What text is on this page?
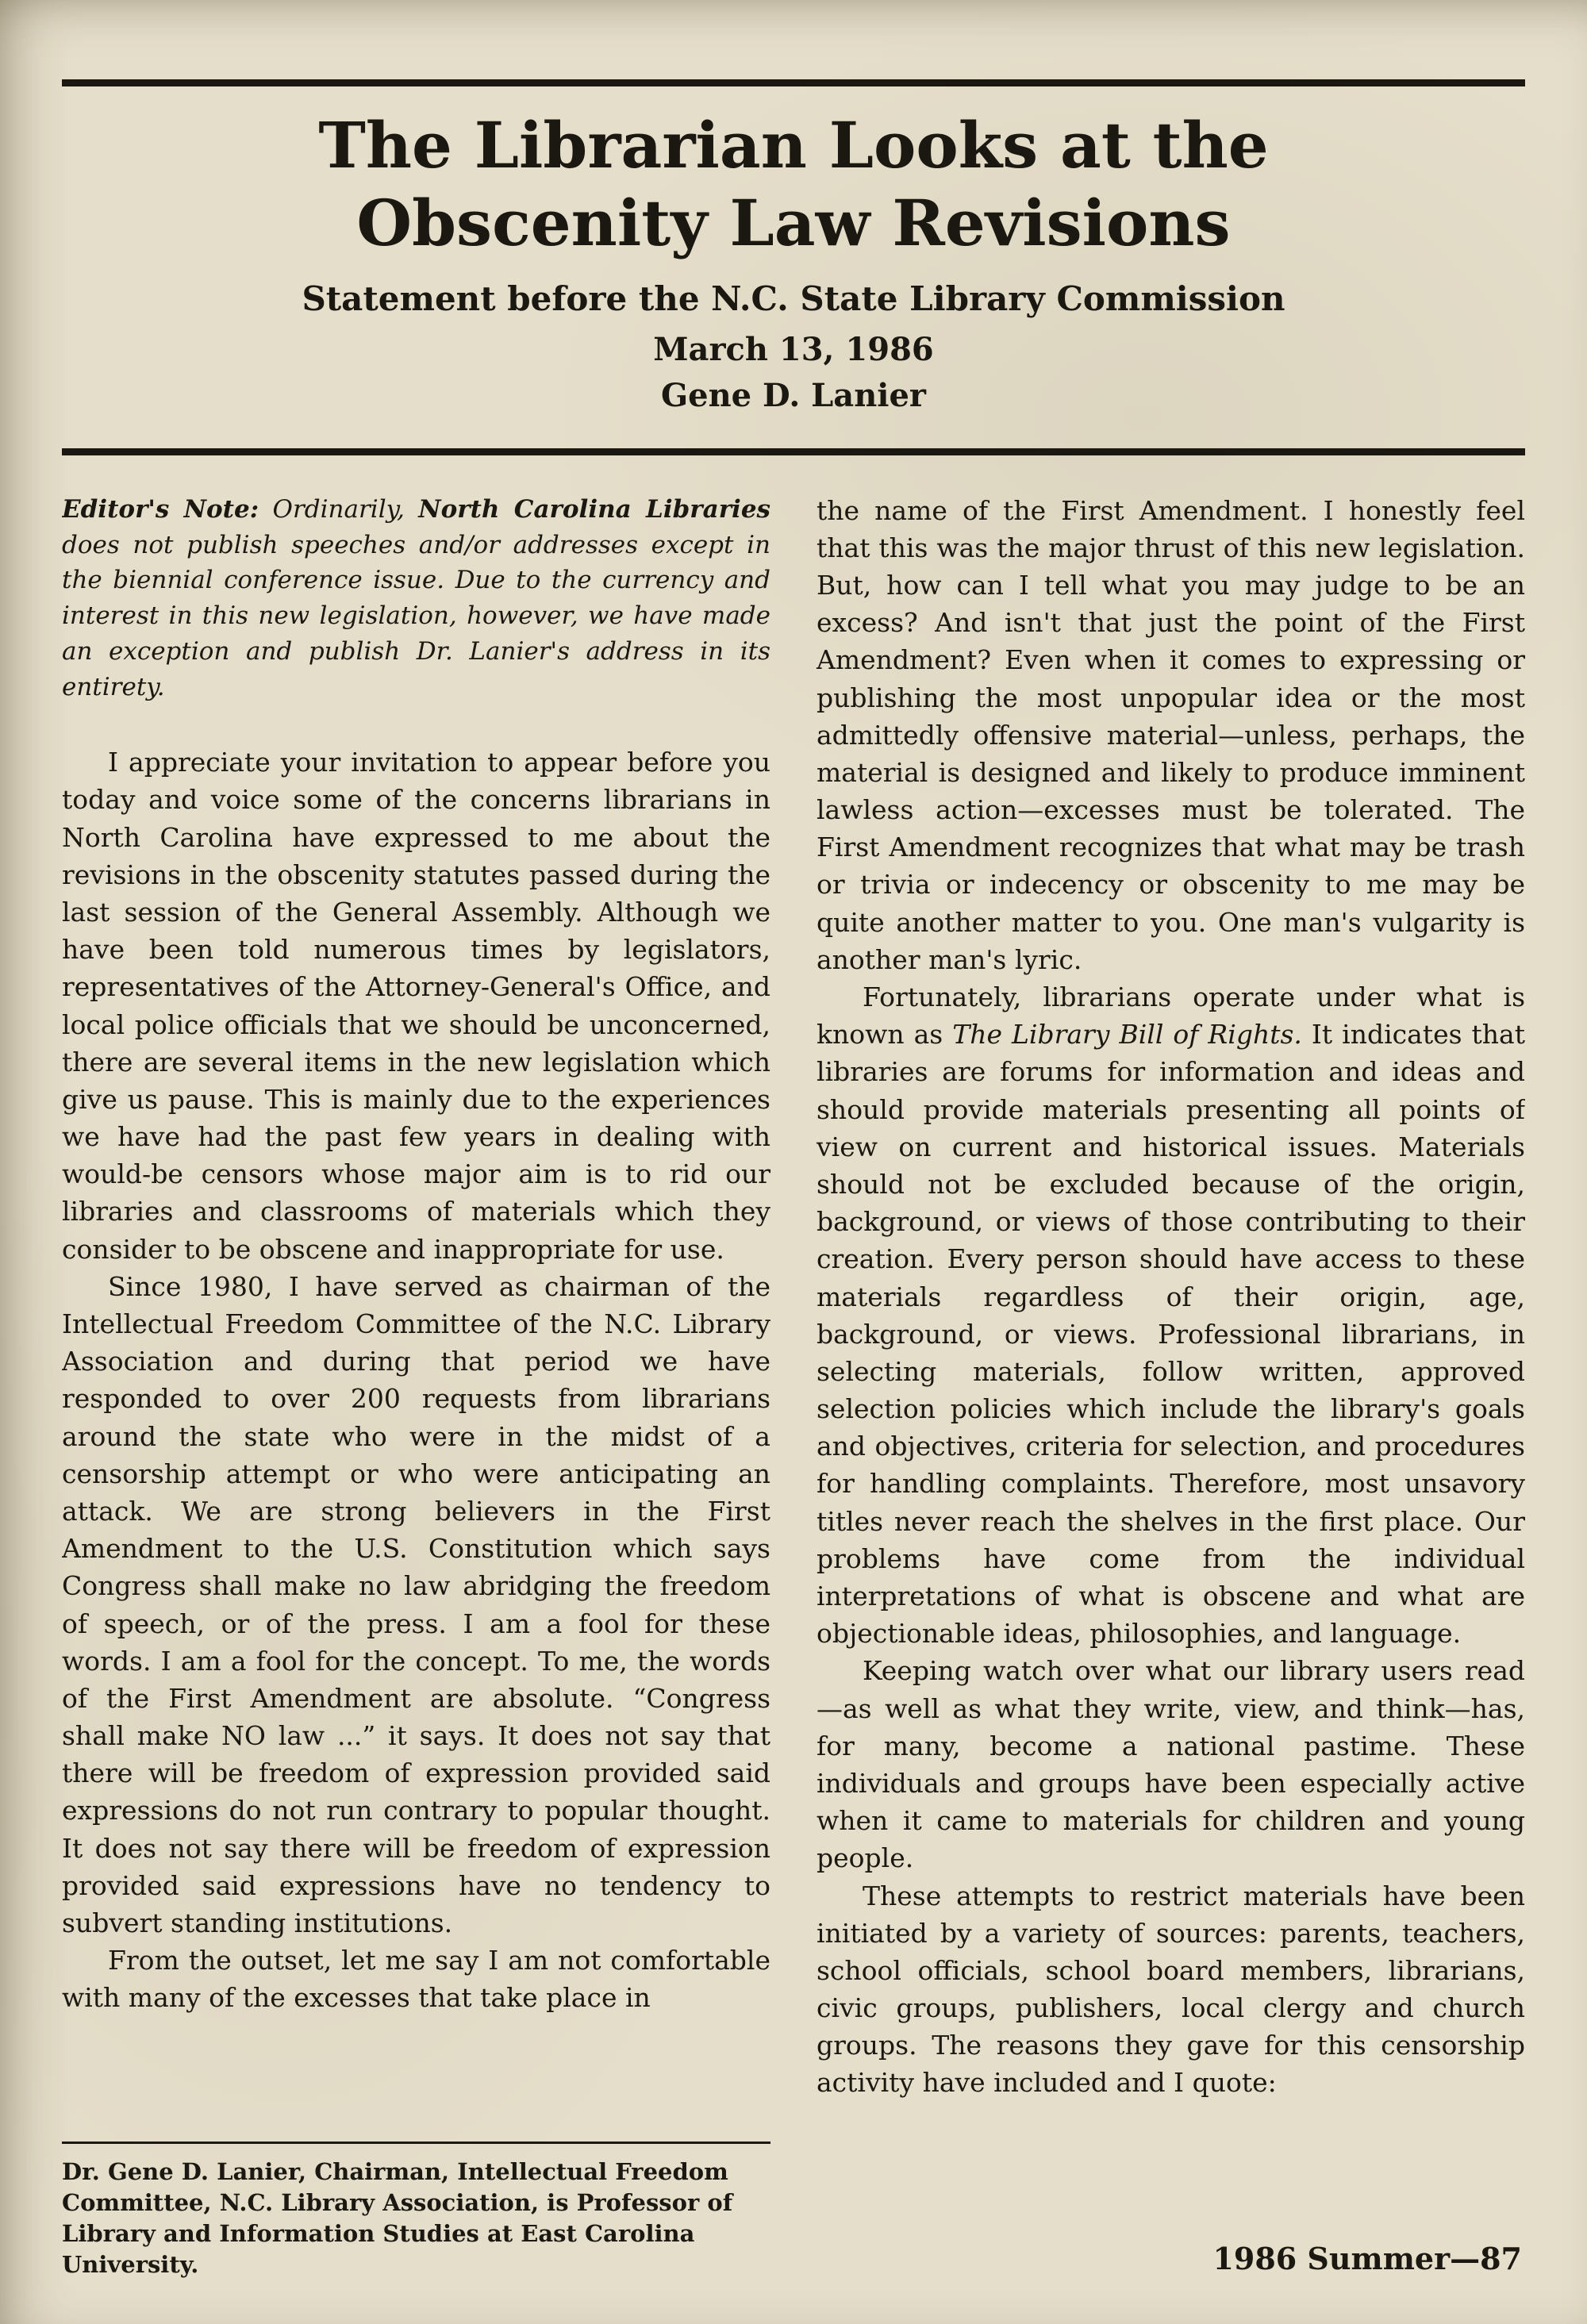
The Librarian Looks at the
Obscenity Law Revisions
Statement before the N.C. State Library Commission
March 13, 1986
Gene D. Lanier

Editor's Note: Ordinarily, North Carolina Libraries does not publish speeches and/or addresses except in the biennial conference issue. Due to the currency and interest in this new legislation, however, we have made an exception and publish Dr. Lanier's address in its entirety.

I appreciate your invitation to appear before you today and voice some of the concerns librarians in North Carolina have expressed to me about the revisions in the obscenity statutes passed during the last session of the General Assembly. Although we have been told numerous times by legislators, representatives of the Attorney-General's Office, and local police officials that we should be unconcerned, there are several items in the new legislation which give us pause. This is mainly due to the experiences we have had the past few years in dealing with would-be censors whose major aim is to rid our libraries and classrooms of materials which they consider to be obscene and inappropriate for use.

Since 1980, I have served as chairman of the Intellectual Freedom Committee of the N.C. Library Association and during that period we have responded to over 200 requests from librarians around the state who were in the midst of a censorship attempt or who were anticipating an attack. We are strong believers in the First Amendment to the U.S. Constitution which says Congress shall make no law abridging the freedom of speech, or of the press. I am a fool for these words. I am a fool for the concept. To me, the words of the First Amendment are absolute. “Congress shall make NO law ...” it says. It does not say that there will be freedom of expression provided said expressions do not run contrary to popular thought. It does not say there will be freedom of expression provided said expressions have no tendency to subvert standing institutions.

From the outset, let me say I am not comfortable with many of the excesses that take place in

Dr. Gene D. Lanier, Chairman, Intellectual Freedom Committee, N.C. Library Association, is Professor of Library and Information Studies at East Carolina University.

the name of the First Amendment. I honestly feel that this was the major thrust of this new legislation. But, how can I tell what you may judge to be an excess? And isn't that just the point of the First Amendment? Even when it comes to expressing or publishing the most unpopular idea or the most admittedly offensive material—unless, perhaps, the material is designed and likely to produce imminent lawless action—excesses must be tolerated. The First Amendment recognizes that what may be trash or trivia or indecency or obscenity to me may be quite another matter to you. One man's vulgarity is another man's lyric.

Fortunately, librarians operate under what is known as The Library Bill of Rights. It indicates that libraries are forums for information and ideas and should provide materials presenting all points of view on current and historical issues. Materials should not be excluded because of the origin, background, or views of those contributing to their creation. Every person should have access to these materials regardless of their origin, age, background, or views. Professional librarians, in selecting materials, follow written, approved selection policies which include the library's goals and objectives, criteria for selection, and procedures for handling complaints. Therefore, most unsavory titles never reach the shelves in the first place. Our problems have come from the individual interpretations of what is obscene and what are objectionable ideas, philosophies, and language.

Keeping watch over what our library users read—as well as what they write, view, and think—has, for many, become a national pastime. These individuals and groups have been especially active when it came to materials for children and young people.

These attempts to restrict materials have been initiated by a variety of sources: parents, teachers, school officials, school board members, librarians, civic groups, publishers, local clergy and church groups. The reasons they gave for this censorship activity have included and I quote:

1986 Summer—87
